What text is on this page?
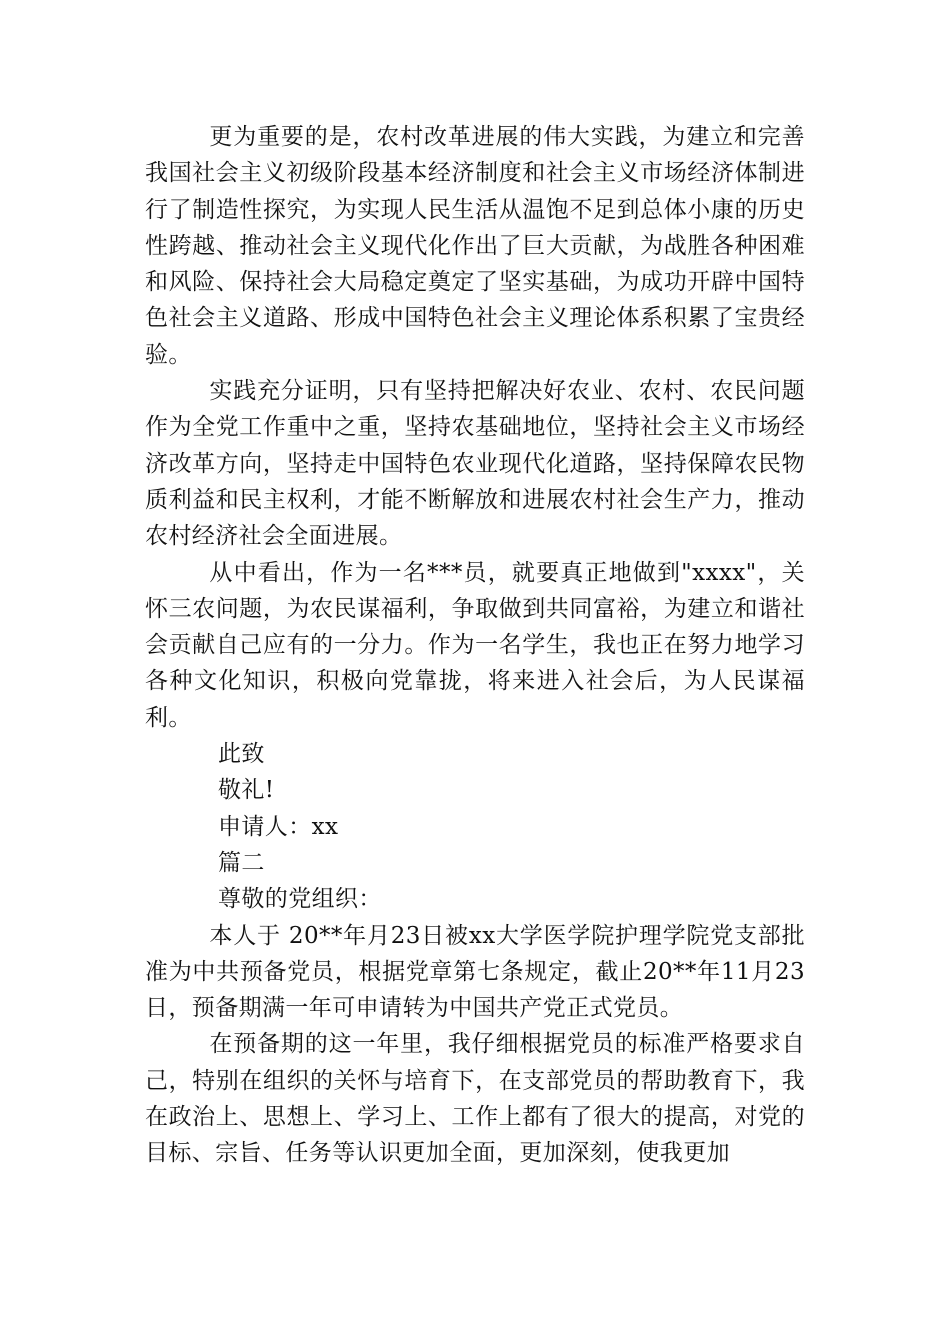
更为重要的是，农村改革进展的伟大实践，为建立和完善我国社会主义初级阶段基本经济制度和社会主义市场经济体制进行了制造性探究，为实现人民生活从温饱不足到总体小康的历史性跨越、推动社会主义现代化作出了巨大贡献，为战胜各种困难和风险、保持社会大局稳定奠定了坚实基础，为成功开辟中国特色社会主义道路、形成中国特色社会主义理论体系积累了宝贵经验。

实践充分证明，只有坚持把解决好农业、农村、农民问题作为全党工作重中之重，坚持农基础地位，坚持社会主义市场经济改革方向，坚持走中国特色农业现代化道路，坚持保障农民物质利益和民主权利，才能不断解放和进展农村社会生产力，推动农村经济社会全面进展。

从中看出，作为一名***员，就要真正地做到"xxxx"，关怀三农问题，为农民谋福利，争取做到共同富裕，为建立和谐社会贡献自己应有的一分力。作为一名学生，我也正在努力地学习各种文化知识，积极向党靠拢，将来进入社会后，为人民谋福利。

此致

敬礼!

申请人：xx

篇二

尊敬的党组织：

本人于 20**年月23日被xx大学医学院护理学院党支部批准为中共预备党员，根据党章第七条规定，截止20**年11月23日，预备期满一年可申请转为中国共产党正式党员。

在预备期的这一年里，我仔细根据党员的标准严格要求自己，特别在组织的关怀与培育下，在支部党员的帮助教育下，我在政治上、思想上、学习上、工作上都有了很大的提高，对党的目标、宗旨、任务等认识更加全面，更加深刻，使我更加
